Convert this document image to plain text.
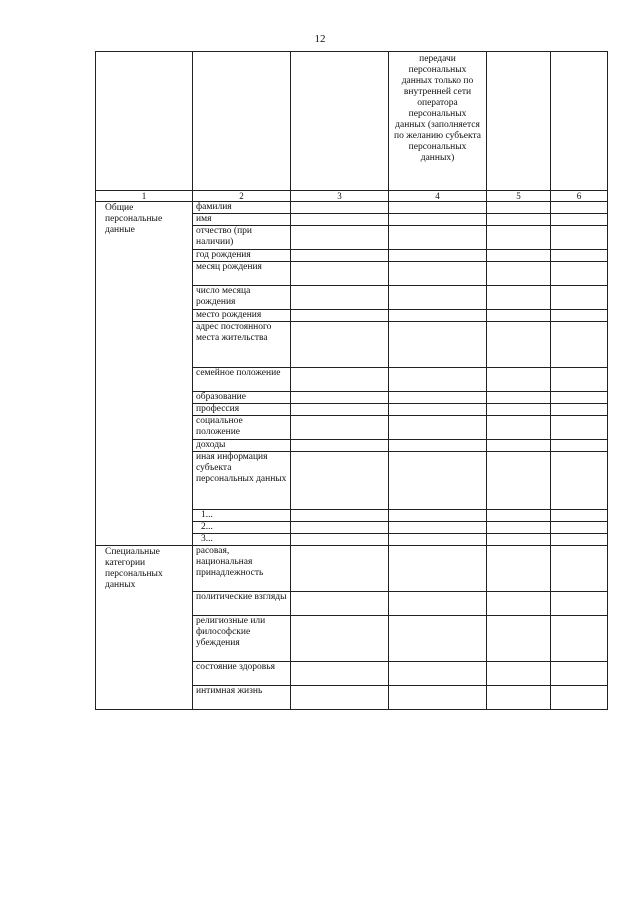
12
			передачи персональных данных только по внутренней сети оператора персональных данных (заполняется по желанию субъекта персональных данных)		
1	2	3	4	5	6
Общие персональные данные	фамилия				
	имя				
	отчество (при наличии)				
	год рождения				
	месяц рождения				
	число месяца рождения				
	место рождения				
	адрес постоянного места жительства				
	семейное положение				
	образование				
	профессия				
	социальное положение				
	доходы				
	иная информация субъекта персональных данных				
	1...				
	2...				
	3...				
Специальные категории персональных данных	расовая, национальная принадлежность				
	политические взгляды				
	религиозные или философские убеждения				
	состояние здоровья				
	интимная жизнь				
